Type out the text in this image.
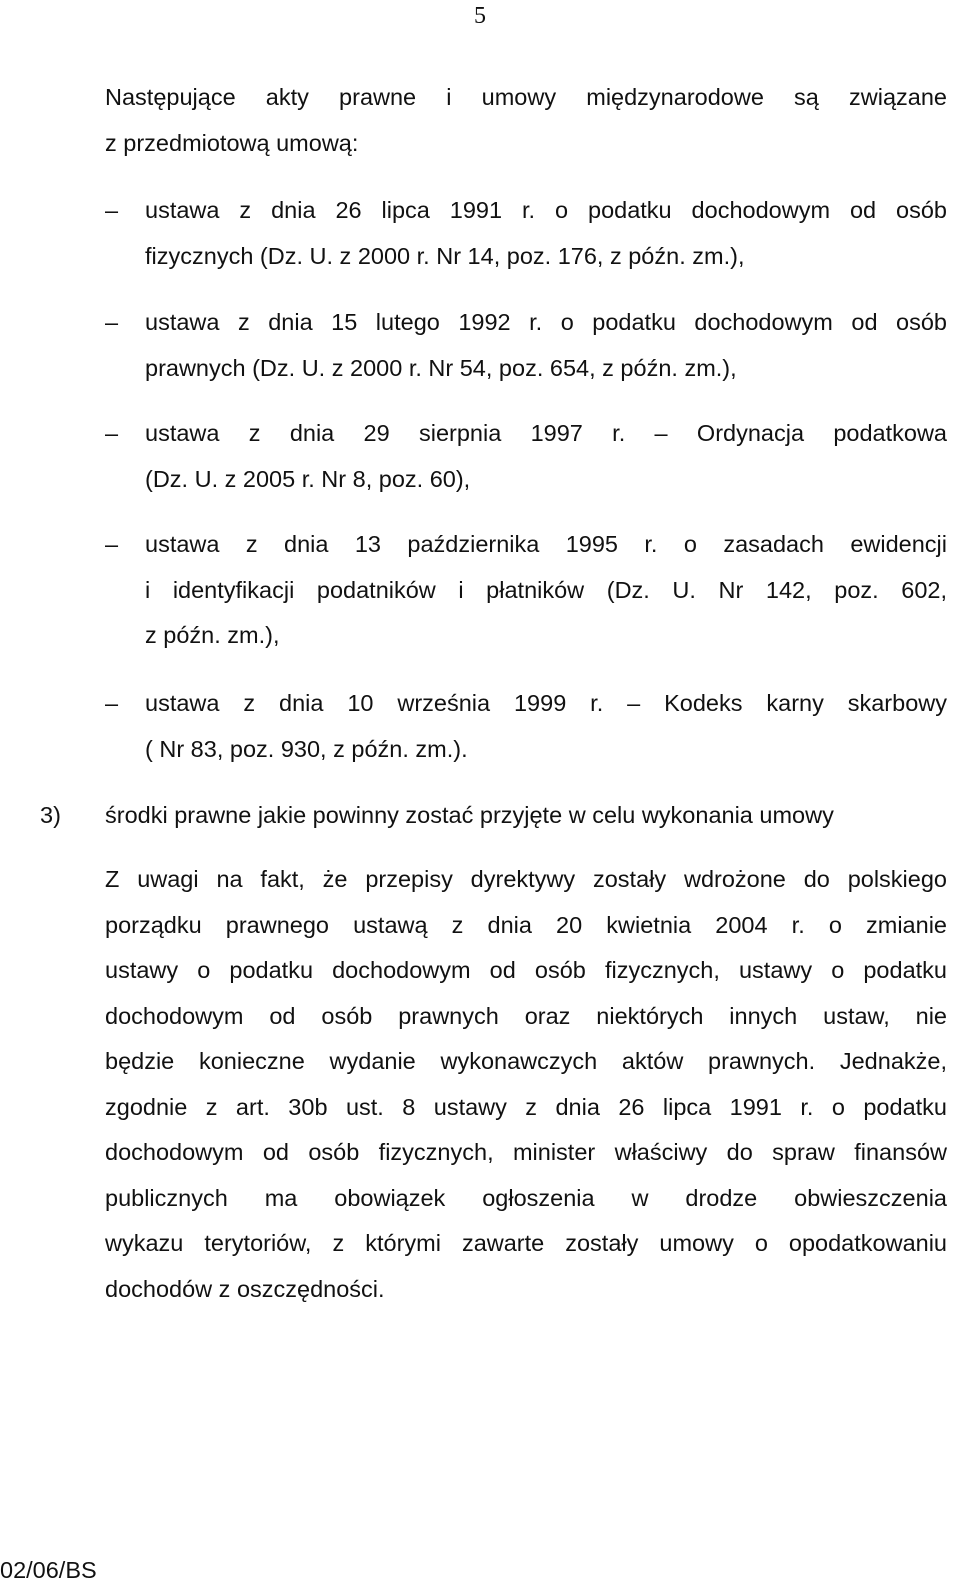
5
Następujące akty prawne i umowy międzynarodowe są związane
z przedmiotową umową:
–	ustawa z dnia 26 lipca 1991 r. o podatku dochodowym od osób
fizycznych (Dz. U. z 2000 r. Nr 14, poz. 176, z późn. zm.),
–	ustawa z dnia 15 lutego 1992 r. o podatku dochodowym od osób
prawnych (Dz. U. z 2000 r. Nr 54, poz. 654, z późn. zm.),
–	ustawa z dnia 29 sierpnia 1997 r. – Ordynacja podatkowa
(Dz. U. z 2005 r. Nr 8, poz. 60),
–	ustawa z dnia 13 października 1995 r. o zasadach ewidencji
i identyfikacji podatników i płatników (Dz. U. Nr 142, poz. 602,
z późn. zm.),
–	ustawa z dnia 10 września 1999 r. – Kodeks karny skarbowy
( Nr 83, poz. 930, z późn. zm.).
3) środki prawne jakie powinny zostać przyjęte w celu wykonania umowy
Z uwagi na fakt, że przepisy dyrektywy zostały wdrożone do polskiego
porządku prawnego ustawą z dnia 20 kwietnia 2004 r. o zmianie
ustawy o podatku dochodowym od osób fizycznych, ustawy o podatku
dochodowym od osób prawnych oraz niektórych innych ustaw, nie
będzie konieczne wydanie wykonawczych aktów prawnych. Jednakże,
zgodnie z art. 30b ust. 8 ustawy z dnia 26 lipca 1991 r. o podatku
dochodowym od osób fizycznych, minister właściwy do spraw finansów
publicznych ma obowiązek ogłoszenia w drodze obwieszczenia
wykazu terytoriów, z którymi zawarte zostały umowy o opodatkowaniu
dochodów z oszczędności.
02/06/BS
